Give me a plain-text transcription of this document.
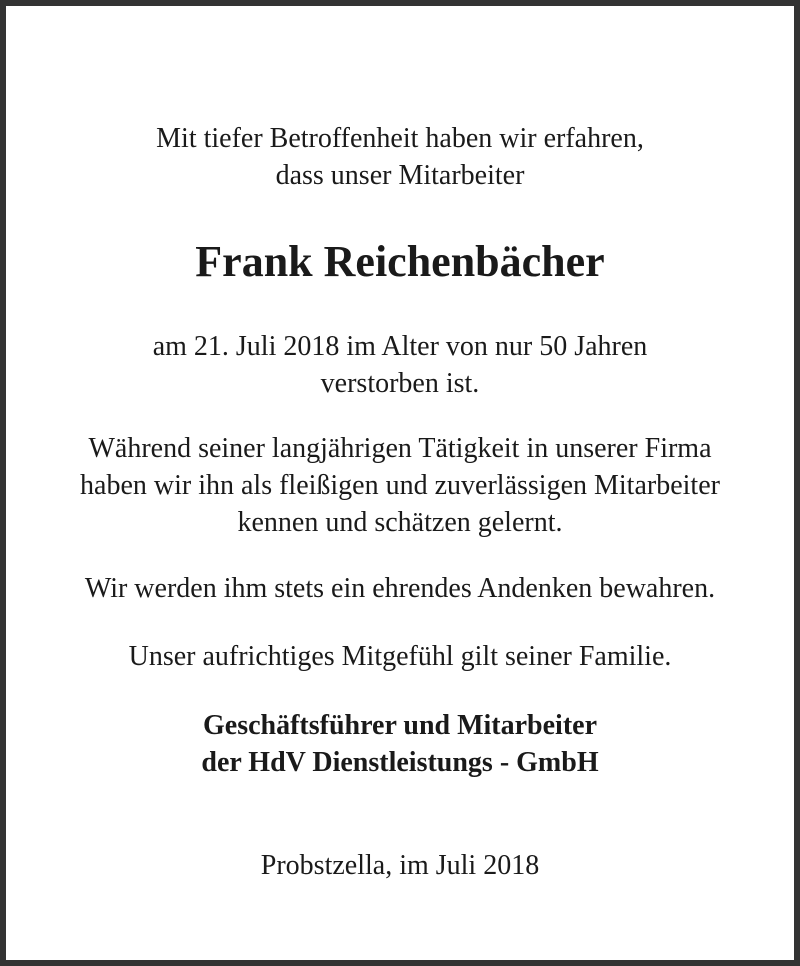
Mit tiefer Betroffenheit haben wir erfahren,
dass unser Mitarbeiter
Frank Reichenbächer
am 21. Juli 2018 im Alter von nur 50 Jahren
verstorben ist.
Während seiner langjährigen Tätigkeit in unserer Firma
haben wir ihn als fleißigen und zuverlässigen Mitarbeiter
kennen und schätzen gelernt.
Wir werden ihm stets ein ehrendes Andenken bewahren.
Unser aufrichtiges Mitgefühl gilt seiner Familie.
Geschäftsführer und Mitarbeiter
der HdV Dienstleistungs - GmbH
Probstzella, im Juli 2018
